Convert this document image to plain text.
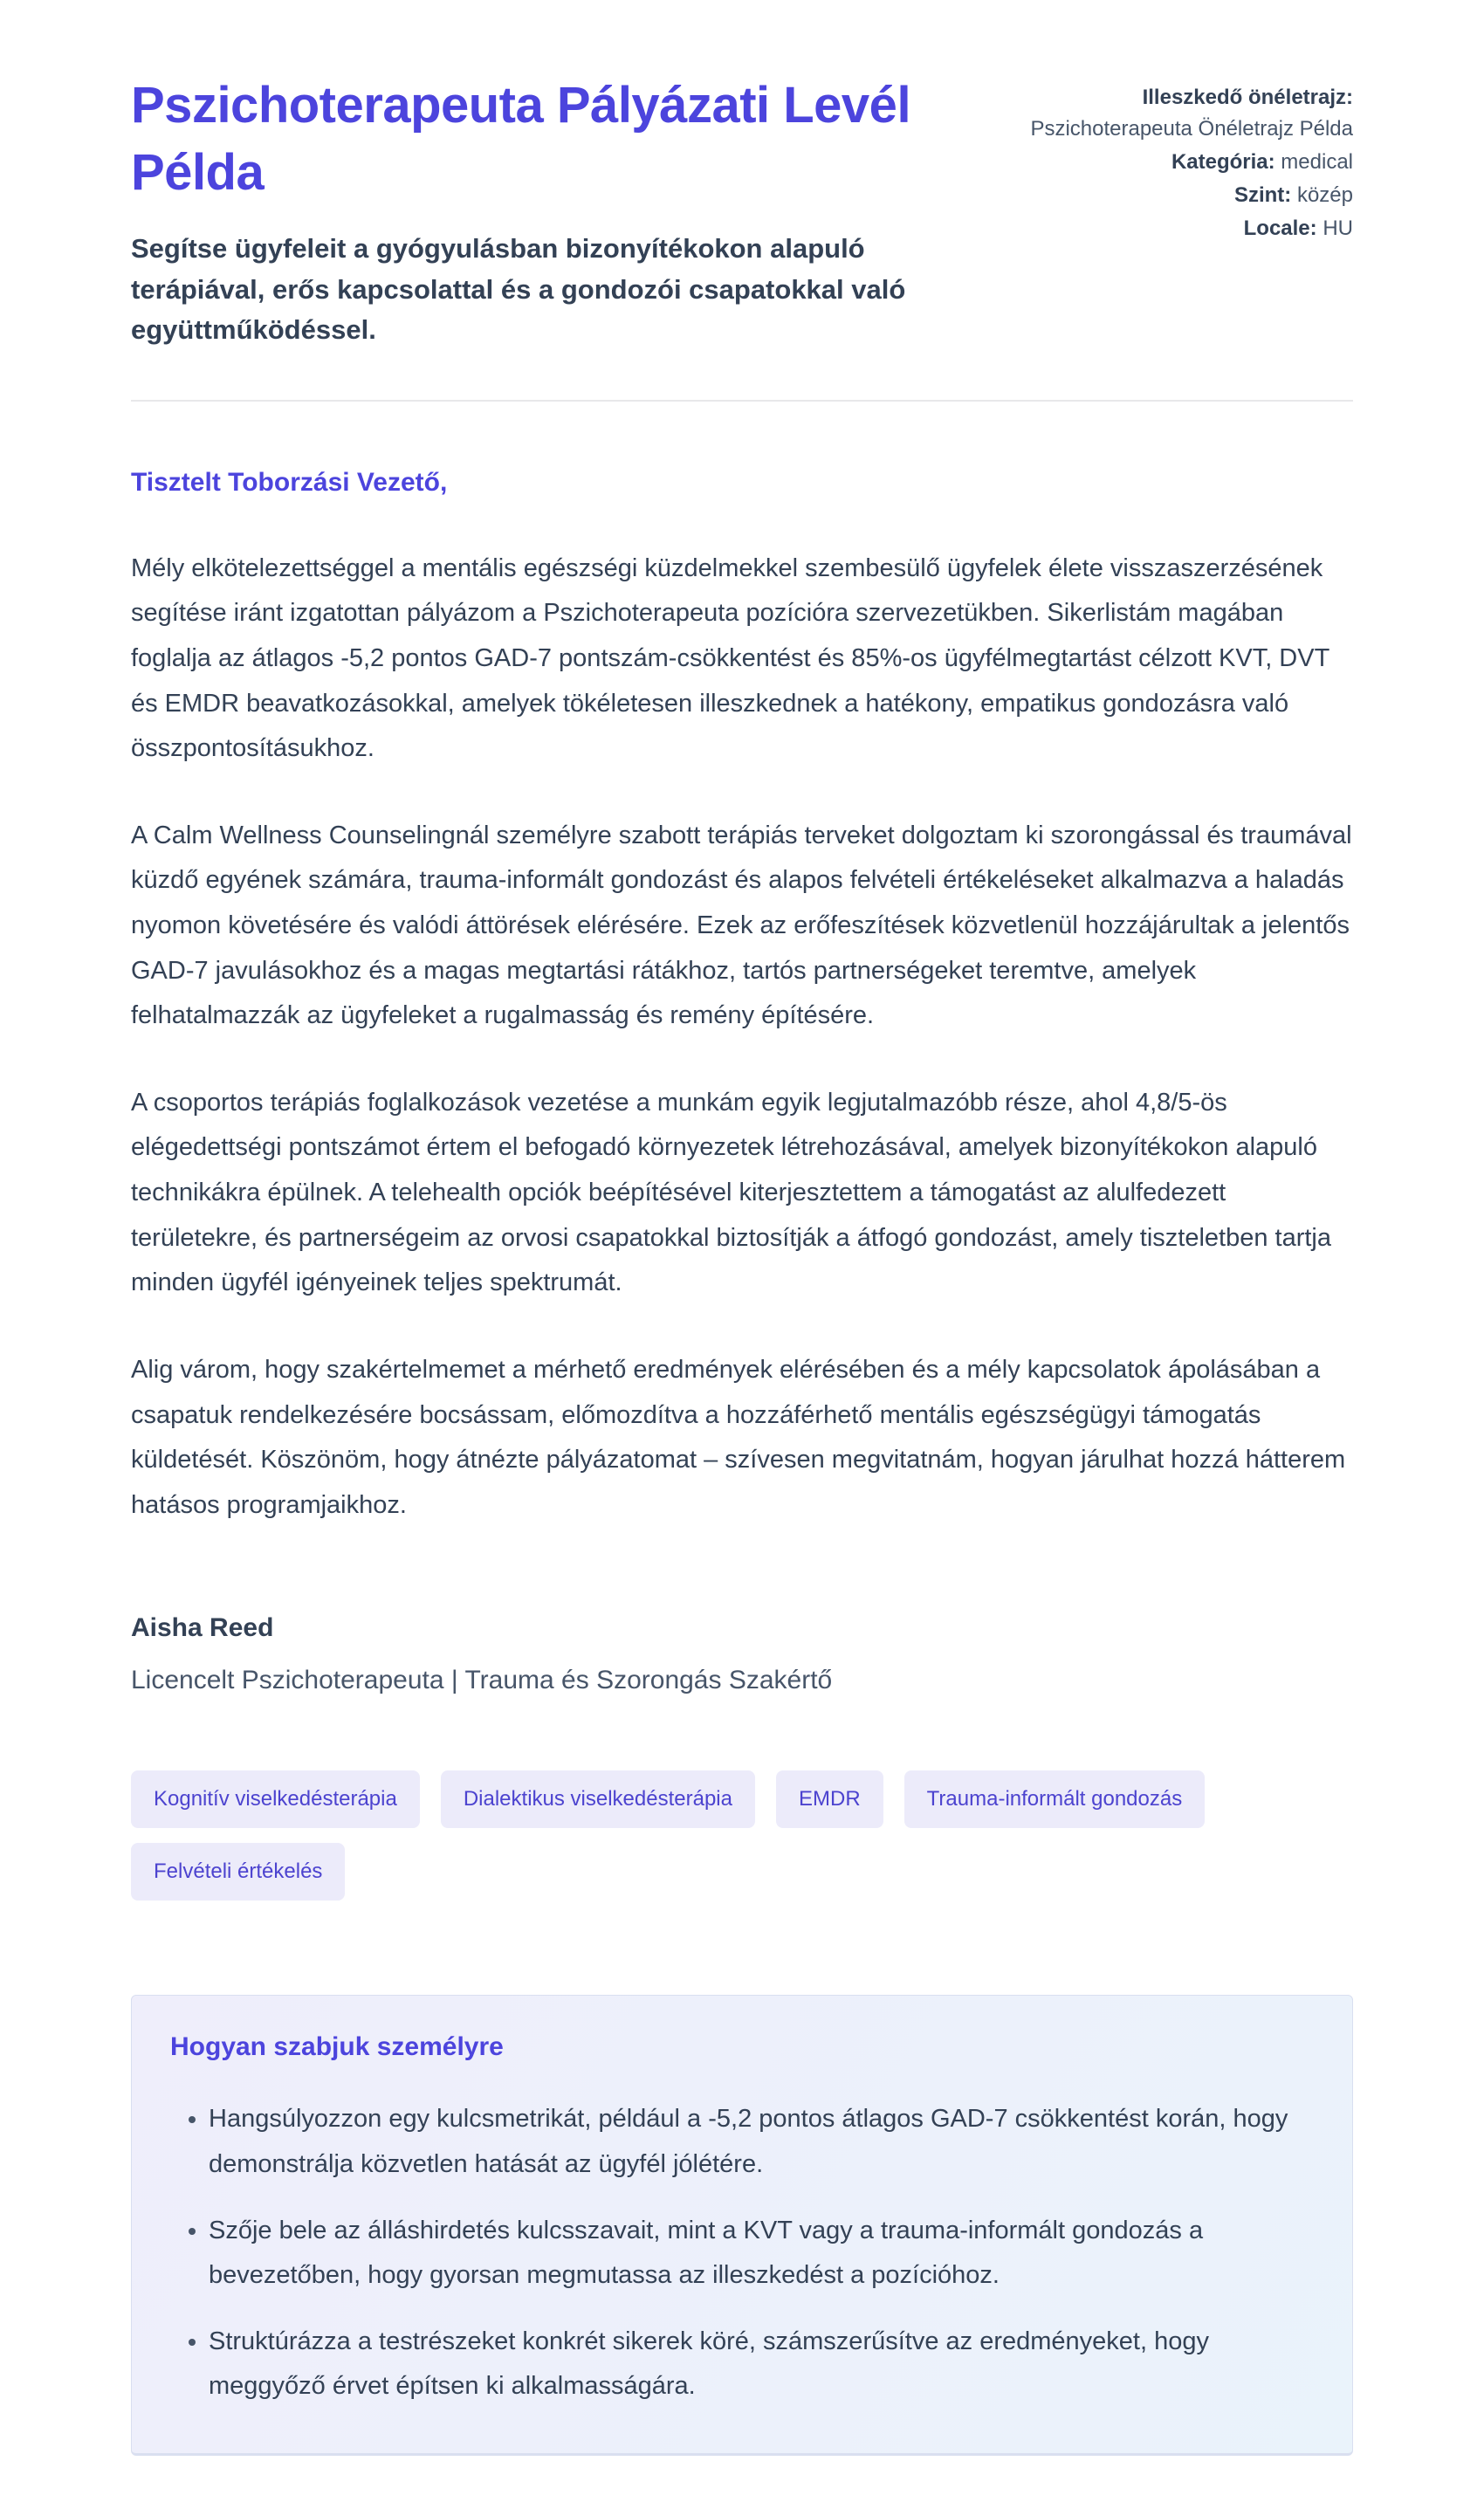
Pszichoterapeuta Pályázati Levél Példa

Segítse ügyfeleit a gyógyulásban bizonyítékokon alapuló terápiával, erős kapcsolattal és a gondozói csapatokkal való együttműködéssel.

Illeszkedő önéletrajz: Pszichoterapeuta Önéletrajz Példa
Kategória: medical
Szint: közép
Locale: HU

Tisztelt Toborzási Vezető,

Mély elkötelezettséggel a mentális egészségi küzdelmekkel szembesülő ügyfelek élete visszaszerzésének segítése iránt izgatottan pályázom a Pszichoterapeuta pozícióra szervezetükben. Sikerlistám magában foglalja az átlagos -5,2 pontos GAD-7 pontszám-csökkentést és 85%-os ügyfélmegtartást célzott KVT, DVT és EMDR beavatkozásokkal, amelyek tökéletesen illeszkednek a hatékony, empatikus gondozásra való összpontosításukhoz.

A Calm Wellness Counselingnál személyre szabott terápiás terveket dolgoztam ki szorongással és traumával küzdő egyének számára, trauma-informált gondozást és alapos felvételi értékeléseket alkalmazva a haladás nyomon követésére és valódi áttörések elérésére. Ezek az erőfeszítések közvetlenül hozzájárultak a jelentős GAD-7 javulásokhoz és a magas megtartási rátákhoz, tartós partnerségeket teremtve, amelyek felhatalmazzák az ügyfeleket a rugalmasság és remény építésére.

A csoportos terápiás foglalkozások vezetése a munkám egyik legjutalmazóbb része, ahol 4,8/5-ös elégedettségi pontszámot értem el befogadó környezetek létrehozásával, amelyek bizonyítékokon alapuló technikákra épülnek. A telehealth opciók beépítésével kiterjesztettem a támogatást az alulfedezett területekre, és partnerségeim az orvosi csapatokkal biztosítják a átfogó gondozást, amely tiszteletben tartja minden ügyfél igényeinek teljes spektrumát.

Alig várom, hogy szakértelmemet a mérhető eredmények elérésében és a mély kapcsolatok ápolásában a csapatuk rendelkezésére bocsássam, előmozdítva a hozzáférhető mentális egészségügyi támogatás küldetését. Köszönöm, hogy átnézte pályázatomat – szívesen megvitatnám, hogyan járulhat hozzá hátterem hatásos programjaikhoz.

Aisha Reed

Licencelt Pszichoterapeuta | Trauma és Szorongás Szakértő

Kognitív viselkedésterápia	Dialektikus viselkedésterápia	EMDR	Trauma-informált gondozás
Felvételi értékelés
Hogyan szabjuk személyre
• Hangsúlyozzon egy kulcsmetrikát, például a -5,2 pontos átlagos GAD-7 csökkentést korán, hogy demonstrálja közvetlen hatását az ügyfél jólétére.
• Szője bele az álláshirdetés kulcsszavait, mint a KVT vagy a trauma-informált gondozás a bevezetőben, hogy gyorsan megmutassa az illeszkedést a pozícióhoz.
• Struktúrázza a testrészeket konkrét sikerek köré, számszerűsítve az eredményeket, hogy meggyőző érvet építsen ki alkalmasságára.
